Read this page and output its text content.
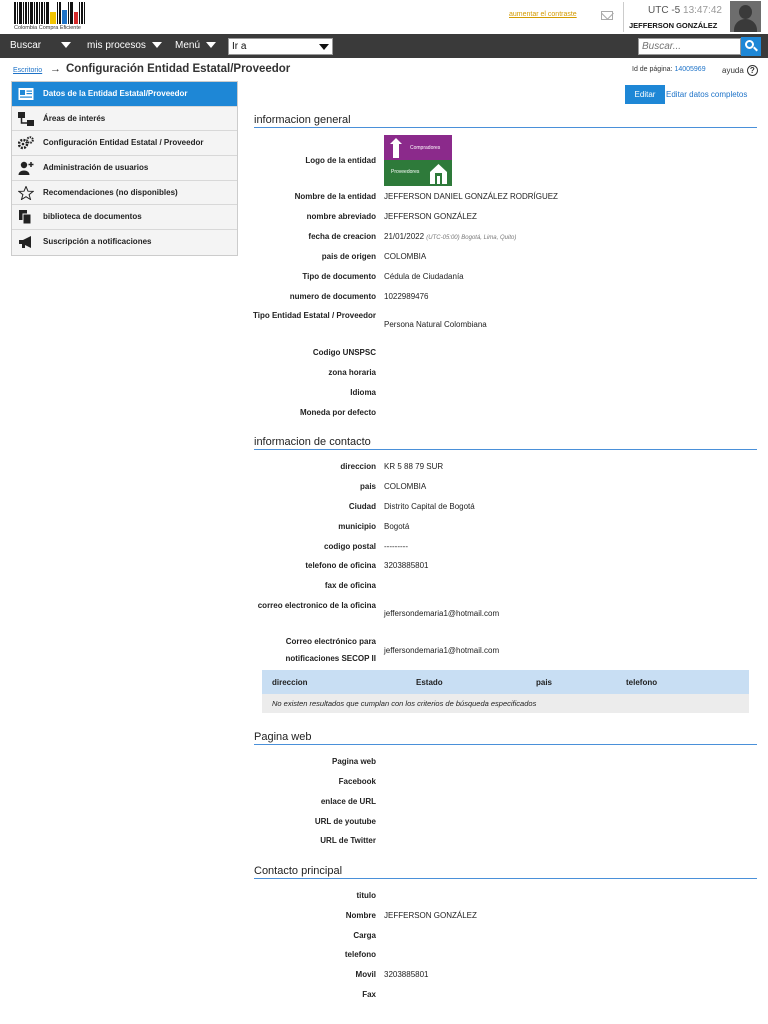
Colombia Compra Eficiente
aumentar el contraste	UTC -5 13:47:42
JEFFERSON GONZÁLEZ
Buscar	mis procesos	Menú	Ir a
Buscar...
Escritorio → Configuración Entidad Estatal/Proveedor	Id de página: 14005969 ayuda ?
Datos de la Entidad Estatal/Proveedor
Áreas de interés
Configuración Entidad Estatal / Proveedor
Administración de usuarios
Recomendaciones (no disponibles)
biblioteca de documentos
Suscripción a notificaciones
Editar	Editar datos completos
informacion general
Logo de la entidad
Compradores
Proveedores
Nombre de la entidad JEFFERSON DANIEL GONZÁLEZ RODRÍGUEZ
nombre abreviado JEFFERSON GONZÁLEZ
fecha de creacion 21/01/2022 (UTC-05:00) Bogotá, Lima, Quito)
pais de origen COLOMBIA
Tipo de documento Cédula de Ciudadanía
numero de documento 1022989476
Tipo Entidad Estatal / Proveedor
Persona Natural Colombiana
Codigo UNSPSC
zona horaria
Idioma
Moneda por defecto
informacion de contacto
direccion KR 5 88 79 SUR
pais COLOMBIA
Ciudad Distrito Capital de Bogotá
municipio Bogotá
codigo postal ---------
telefono de oficina 3203885801
fax de oficina
correo electronico de la oficina
jeffersondemaria1@hotmail.com
Correo electrónico para notificaciones SECOP II
jeffersondemaria1@hotmail.com
direccion	Estado	pais	telefono
No existen resultados que cumplan con los criterios de búsqueda especificados
Pagina web
Pagina web
Facebook
enlace de URL
URL de youtube
URL de Twitter
Contacto principal
titulo
Nombre JEFFERSON GONZÁLEZ
Carga
telefono
Movil 3203885801
Fax
